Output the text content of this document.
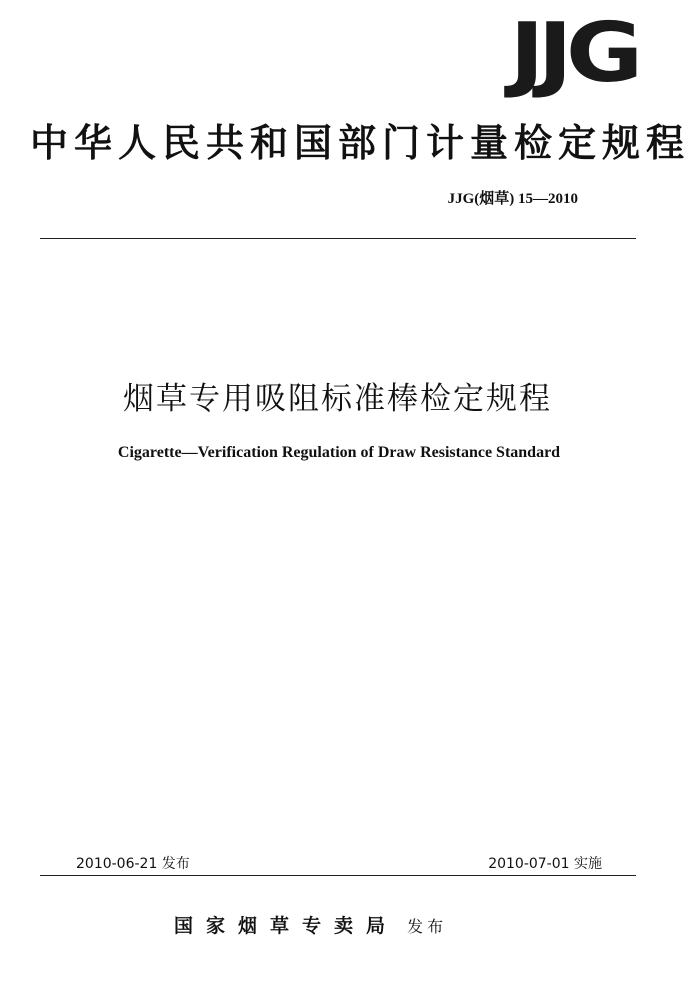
JJG
中华人民共和国部门计量检定规程
JJG(烟草) 15—2010
烟草专用吸阻标准棒检定规程
Cigarette—Verification Regulation of Draw Resistance Standard
2010-06-21 发布	2010-07-01 实施
国家烟草专卖局 发布
